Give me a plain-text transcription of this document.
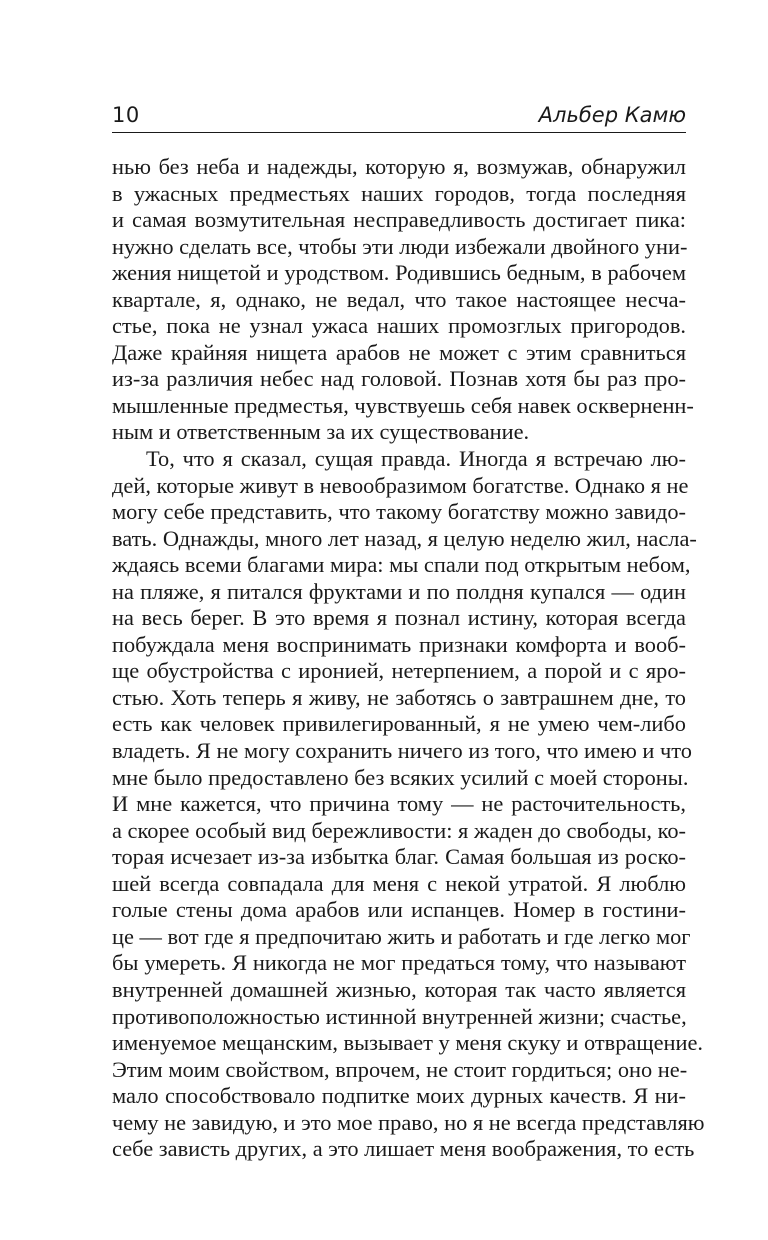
10	Альбер Камю
нью без неба и надежды, которую я, возмужав, обнаружил
в ужасных предместьях наших городов, тогда последняя
и самая возмутительная несправедливость достигает пика:
нужно сделать все, чтобы эти люди избежали двойного уни-
жения нищетой и уродством. Родившись бедным, в рабочем
квартале, я, однако, не ведал, что такое настоящее несча-
стье, пока не узнал ужаса наших промозглых пригородов.
Даже крайняя нищета арабов не может с этим сравниться
из-за различия небес над головой. Познав хотя бы раз про-
мышленные предместья, чувствуешь себя навек оскверненн-
ным и ответственным за их существование.
То, что я сказал, сущая правда. Иногда я встречаю лю-
дей, которые живут в невообразимом богатстве. Однако я не
могу себе представить, что такому богатству можно завидо-
вать. Однажды, много лет назад, я целую неделю жил, насла-
ждаясь всеми благами мира: мы спали под открытым небом,
на пляже, я питался фруктами и по полдня купался — один
на весь берег. В это время я познал истину, которая всегда
побуждала меня воспринимать признаки комфорта и вооб-
ще обустройства с иронией, нетерпением, а порой и с яро-
стью. Хоть теперь я живу, не заботясь о завтрашнем дне, то
есть как человек привилегированный, я не умею чем-либо
владеть. Я не могу сохранить ничего из того, что имею и что
мне было предоставлено без всяких усилий с моей стороны.
И мне кажется, что причина тому — не расточительность,
а скорее особый вид бережливости: я жаден до свободы, ко-
торая исчезает из-за избытка благ. Самая большая из роско-
шей всегда совпадала для меня с некой утратой. Я люблю
голые стены дома арабов или испанцев. Номер в гостини-
це — вот где я предпочитаю жить и работать и где легко мог
бы умереть. Я никогда не мог предаться тому, что называют
внутренней домашней жизнью, которая так часто является
противоположностью истинной внутренней жизни; счастье,
именуемое мещанским, вызывает у меня скуку и отвращение.
Этим моим свойством, впрочем, не стоит гордиться; оно не-
мало способствовало подпитке моих дурных качеств. Я ни-
чему не завидую, и это мое право, но я не всегда представляю
себе зависть других, а это лишает меня воображения, то есть
